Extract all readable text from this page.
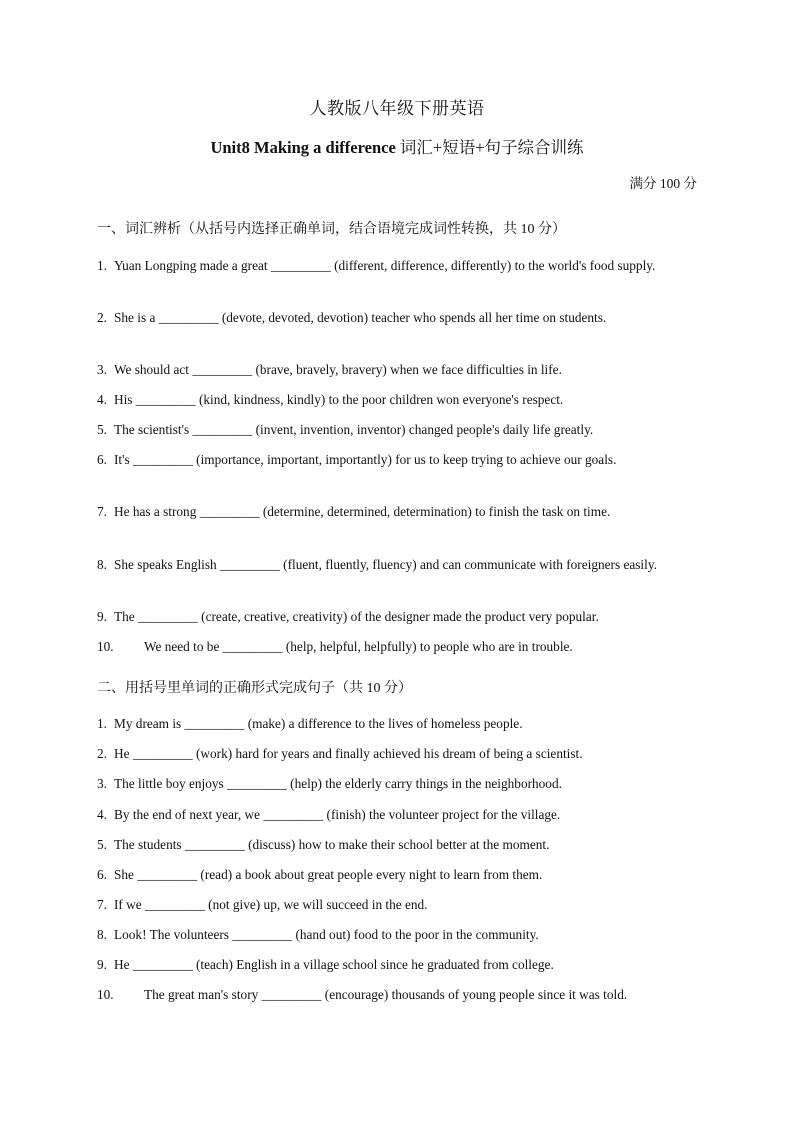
人教版八年级下册英语
Unit8 Making a difference 词汇+短语+句子综合训练
满分 100 分
一、词汇辨析（从括号内选择正确单词，结合语境完成词性转换，共 10 分）
1. Yuan Longping made a great _________ (different, difference, differently) to the world's food supply.
2. She is a _________ (devote, devoted, devotion) teacher who spends all her time on students.
3. We should act _________ (brave, bravely, bravery) when we face difficulties in life.
4. His _________ (kind, kindness, kindly) to the poor children won everyone's respect.
5. The scientist's _________ (invent, invention, inventor) changed people's daily life greatly.
6. It's _________ (importance, important, importantly) for us to keep trying to achieve our goals.
7. He has a strong _________ (determine, determined, determination) to finish the task on time.
8. She speaks English _________ (fluent, fluently, fluency) and can communicate with foreigners easily.
9. The _________ (create, creative, creativity) of the designer made the product very popular.
10.	We need to be _________ (help, helpful, helpfully) to people who are in trouble.
二、用括号里单词的正确形式完成句子（共 10 分）
1. My dream is _________ (make) a difference to the lives of homeless people.
2. He _________ (work) hard for years and finally achieved his dream of being a scientist.
3. The little boy enjoys _________ (help) the elderly carry things in the neighborhood.
4. By the end of next year, we _________ (finish) the volunteer project for the village.
5. The students _________ (discuss) how to make their school better at the moment.
6. She _________ (read) a book about great people every night to learn from them.
7. If we _________ (not give) up, we will succeed in the end.
8. Look! The volunteers _________ (hand out) food to the poor in the community.
9. He _________ (teach) English in a village school since he graduated from college.
10.	The great man's story _________ (encourage) thousands of young people since it was told.
